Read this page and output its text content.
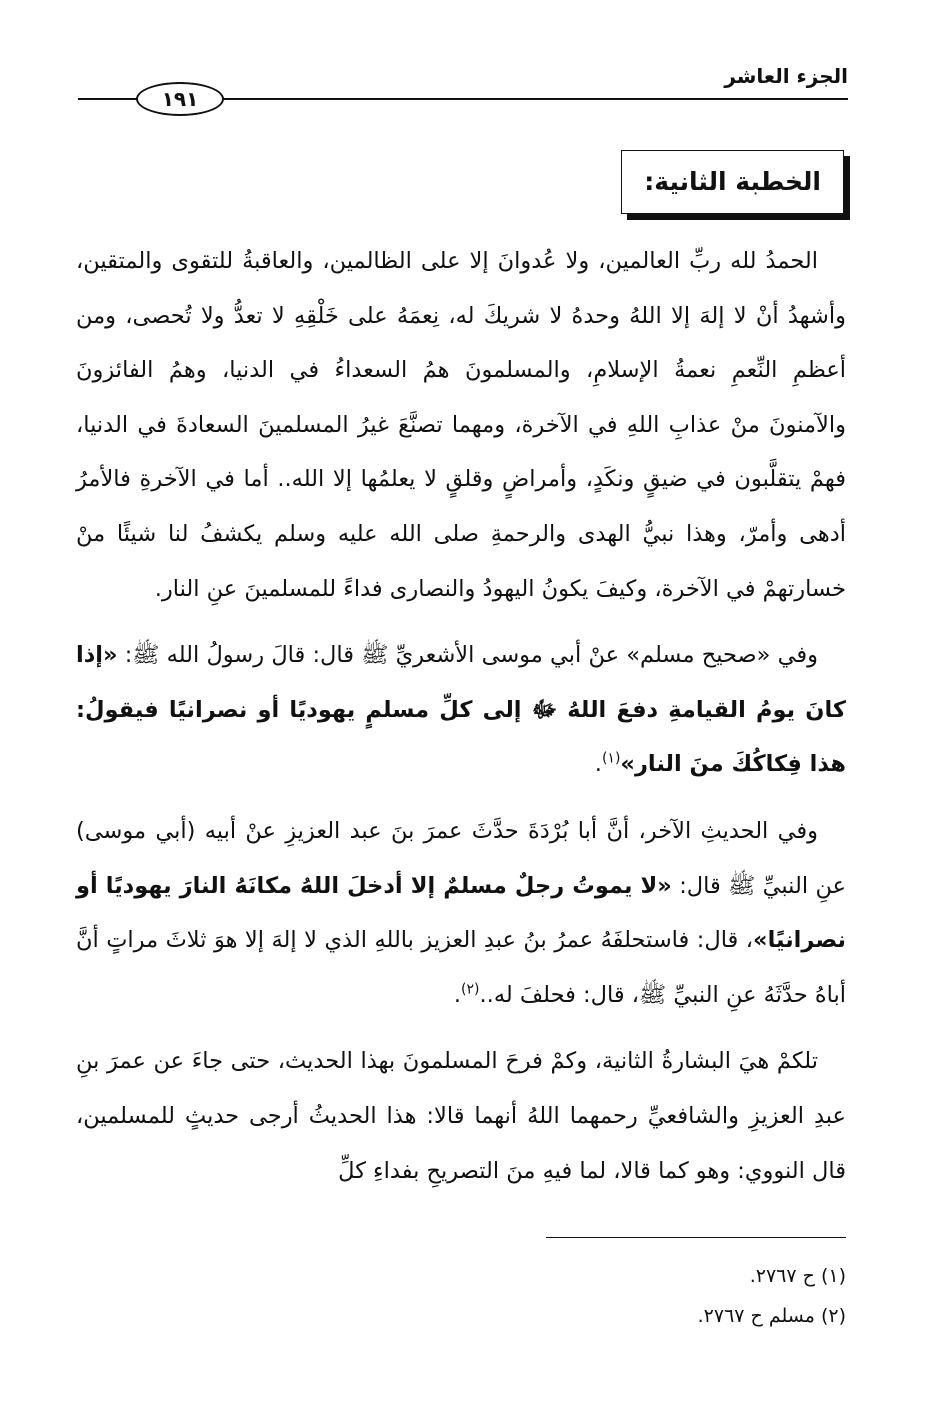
الجزء العاشر
١٩١
الخطبة الثانية:

الحمدُ لله ربِّ العالمين، ولا عُدوانَ إلا على الظالمين، والعاقبةُ للتقوى والمتقين، وأشهدُ أنْ لا إلهَ إلا اللهُ وحدهُ لا شريكَ له، نِعمَهُ على خَلْقِهِ لا تعدُّ ولا تُحصى، ومن أعظمِ النِّعمِ نعمةُ الإسلامِ، والمسلمونَ همُ السعداءُ في الدنيا، وهمُ الفائزونَ والآمنونَ منْ عذابِ اللهِ في الآخرة، ومهما تصنَّعَ غيرُ المسلمينَ السعادةَ في الدنيا، فهمْ يتقلَّبون في ضيقٍ ونكَدٍ، وأمراضٍ وقلقٍ لا يعلمُها إلا الله.. أما في الآخرةِ فالأمرُ أدهى وأمرّ، وهذا نبيُّ الهدى والرحمةِ صلى الله عليه وسلم يكشفُ لنا شيئًا منْ خسارتهمْ في الآخرة، وكيفَ يكونُ اليهودُ والنصارى فداءً للمسلمينَ عنِ النار.

وفي «صحيح مسلم» عنْ أبي موسى الأشعريِّ ﷺ قال: قالَ رسولُ الله ﷺ: «إذا كانَ يومُ القيامةِ دفعَ اللهُ ﷻ إلى كلِّ مسلمٍ يهوديًا أو نصرانيًا فيقولُ: هذا فِكاكُكَ منَ النار»$^{(١)}$.

وفي الحديثِ الآخر، أنَّ أبا بُرْدَةَ حدَّثَ عمرَ بنَ عبد العزيزِ عنْ أبيه (أبي موسى) عنِ النبيِّ ﷺ قال: «لا يموتُ رجلٌ مسلمٌ إلا أدخلَ اللهُ مكانَهُ النارَ يهوديًا أو نصرانيًا»، قال: فاستحلفَهُ عمرُ بنُ عبدِ العزيز باللهِ الذي لا إلهَ إلا هوَ ثلاثَ مراتٍ أنَّ أباهُ حدَّثَهُ عنِ النبيِّ ﷺ، قال: فحلفَ له..$^{(٢)}$.

تلكمْ هيَ البشارةُ الثانية، وكمْ فرحَ المسلمونَ بهذا الحديث، حتى جاءَ عن عمرَ بنِ عبدِ العزيزِ والشافعيِّ رحمهما اللهُ أنهما قالا: هذا الحديثُ أرجى حديثٍ للمسلمين، قال النووي: وهو كما قالا، لما فيهِ منَ التصريحِ بفداءِ كلِّ

(١) ح ٢٧٦٧.
(٢) مسلم ح ٢٧٦٧.
